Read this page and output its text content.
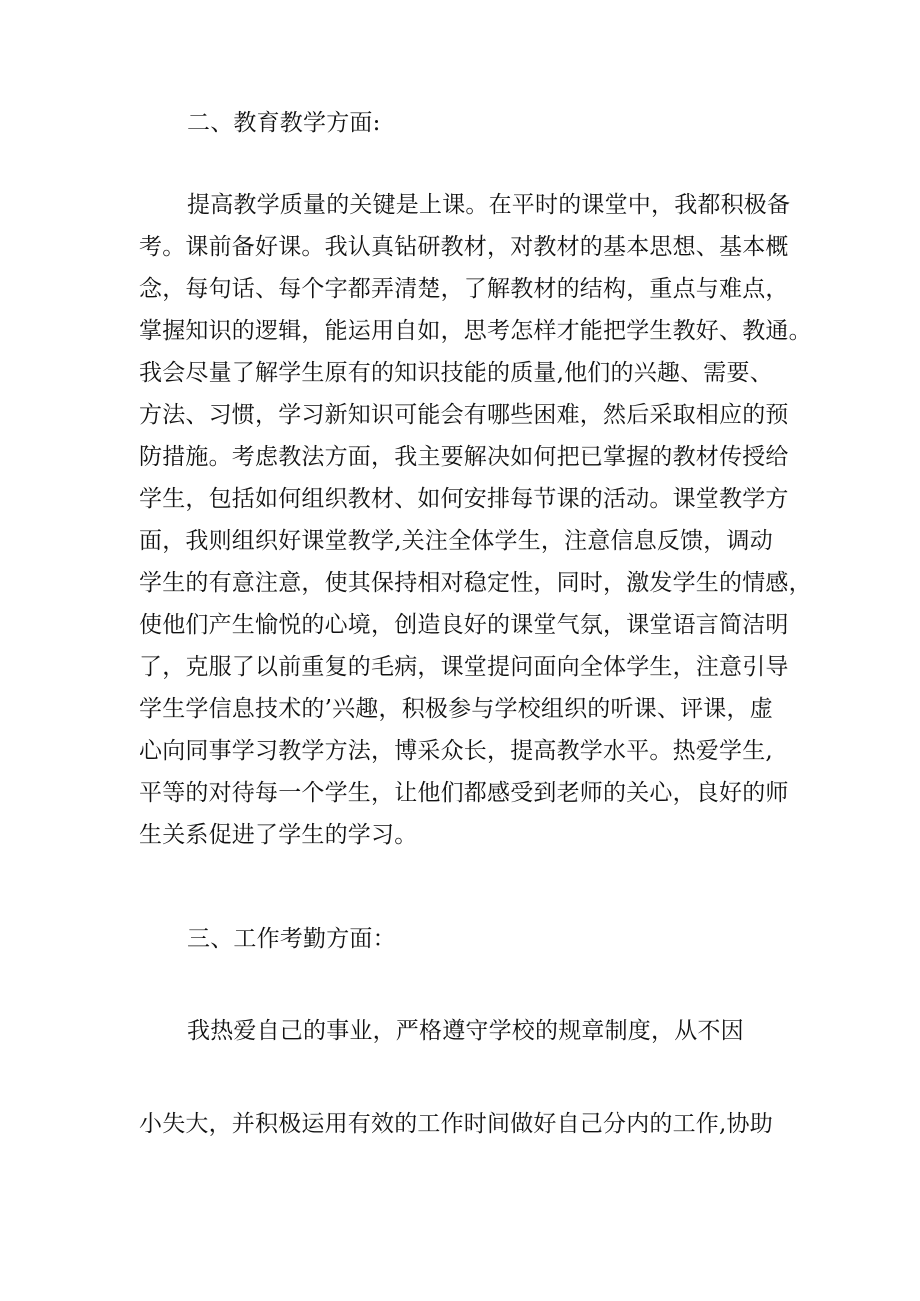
二、教育教学方面:
提高教学质量的关键是上课。在平时的课堂中，我都积极备
考。课前备好课。我认真钻研教材，对教材的基本思想、基本概
念，每句话、每个字都弄清楚，了解教材的结构，重点与难点，
掌握知识的逻辑，能运用自如，思考怎样才能把学生教好、教通。
我会尽量了解学生原有的知识技能的质量,他们的兴趣、需要、
方法、习惯，学习新知识可能会有哪些困难，然后采取相应的预
防措施。考虑教法方面，我主要解决如何把已掌握的教材传授给
学生，包括如何组织教材、如何安排每节课的活动。课堂教学方
面，我则组织好课堂教学,关注全体学生，注意信息反馈，调动
学生的有意注意，使其保持相对稳定性，同时，激发学生的情感，
使他们产生愉悦的心境，创造良好的课堂气氛，课堂语言简洁明
了，克服了以前重复的毛病，课堂提问面向全体学生，注意引导
学生学信息技术的’兴趣，积极参与学校组织的听课、评课，虚
心向同事学习教学方法，博采众长，提高教学水平。热爱学生,
平等的对待每一个学生，让他们都感受到老师的关心，良好的师
生关系促进了学生的学习。
三、工作考勤方面：
我热爱自己的事业，严格遵守学校的规章制度，从不因
小失大，并积极运用有效的工作时间做好自己分内的工作,协助
